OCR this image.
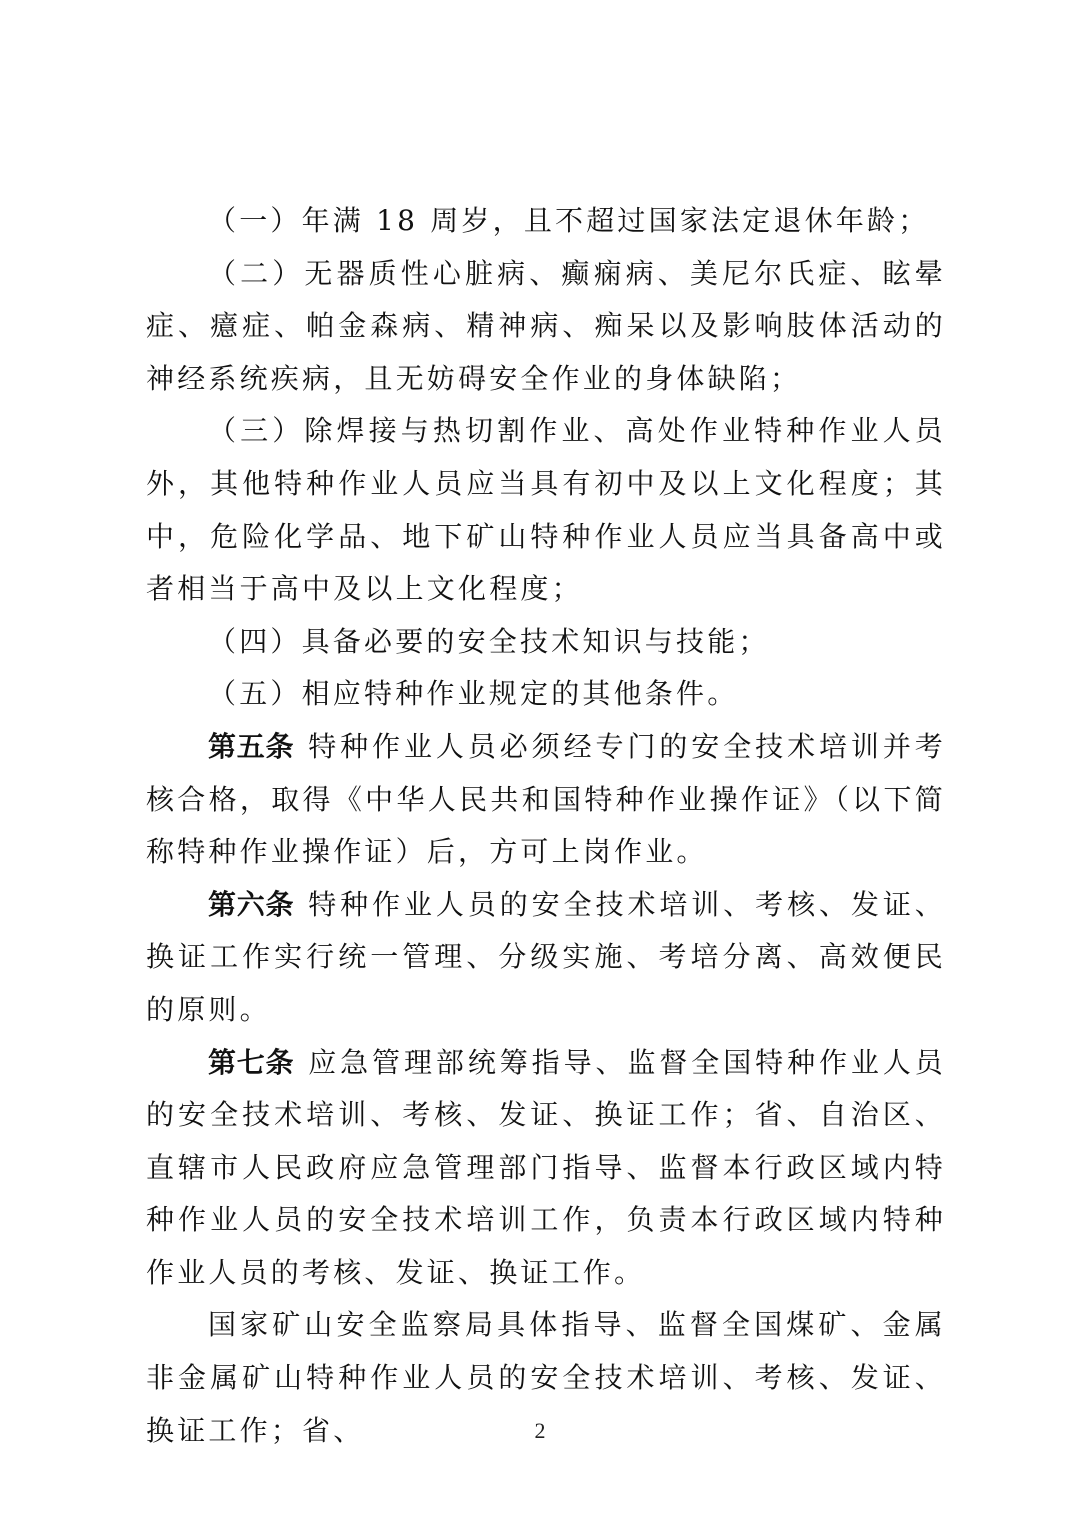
（一）年满 18 周岁，且不超过国家法定退休年龄；

（二）无器质性心脏病、癫痫病、美尼尔氏症、眩晕症、癔症、帕金森病、精神病、痴呆以及影响肢体活动的神经系统疾病，且无妨碍安全作业的身体缺陷；

（三）除焊接与热切割作业、高处作业特种作业人员外，其他特种作业人员应当具有初中及以上文化程度；其中，危险化学品、地下矿山特种作业人员应当具备高中或者相当于高中及以上文化程度；

（四）具备必要的安全技术知识与技能；

（五）相应特种作业规定的其他条件。

第五条 特种作业人员必须经专门的安全技术培训并考核合格，取得《中华人民共和国特种作业操作证》（以下简称特种作业操作证）后，方可上岗作业。

第六条 特种作业人员的安全技术培训、考核、发证、换证工作实行统一管理、分级实施、考培分离、高效便民的原则。

第七条 应急管理部统筹指导、监督全国特种作业人员的安全技术培训、考核、发证、换证工作；省、自治区、直辖市人民政府应急管理部门指导、监督本行政区域内特种作业人员的安全技术培训工作，负责本行政区域内特种作业人员的考核、发证、换证工作。

国家矿山安全监察局具体指导、监督全国煤矿、金属非金属矿山特种作业人员的安全技术培训、考核、发证、换证工作；省、	2
